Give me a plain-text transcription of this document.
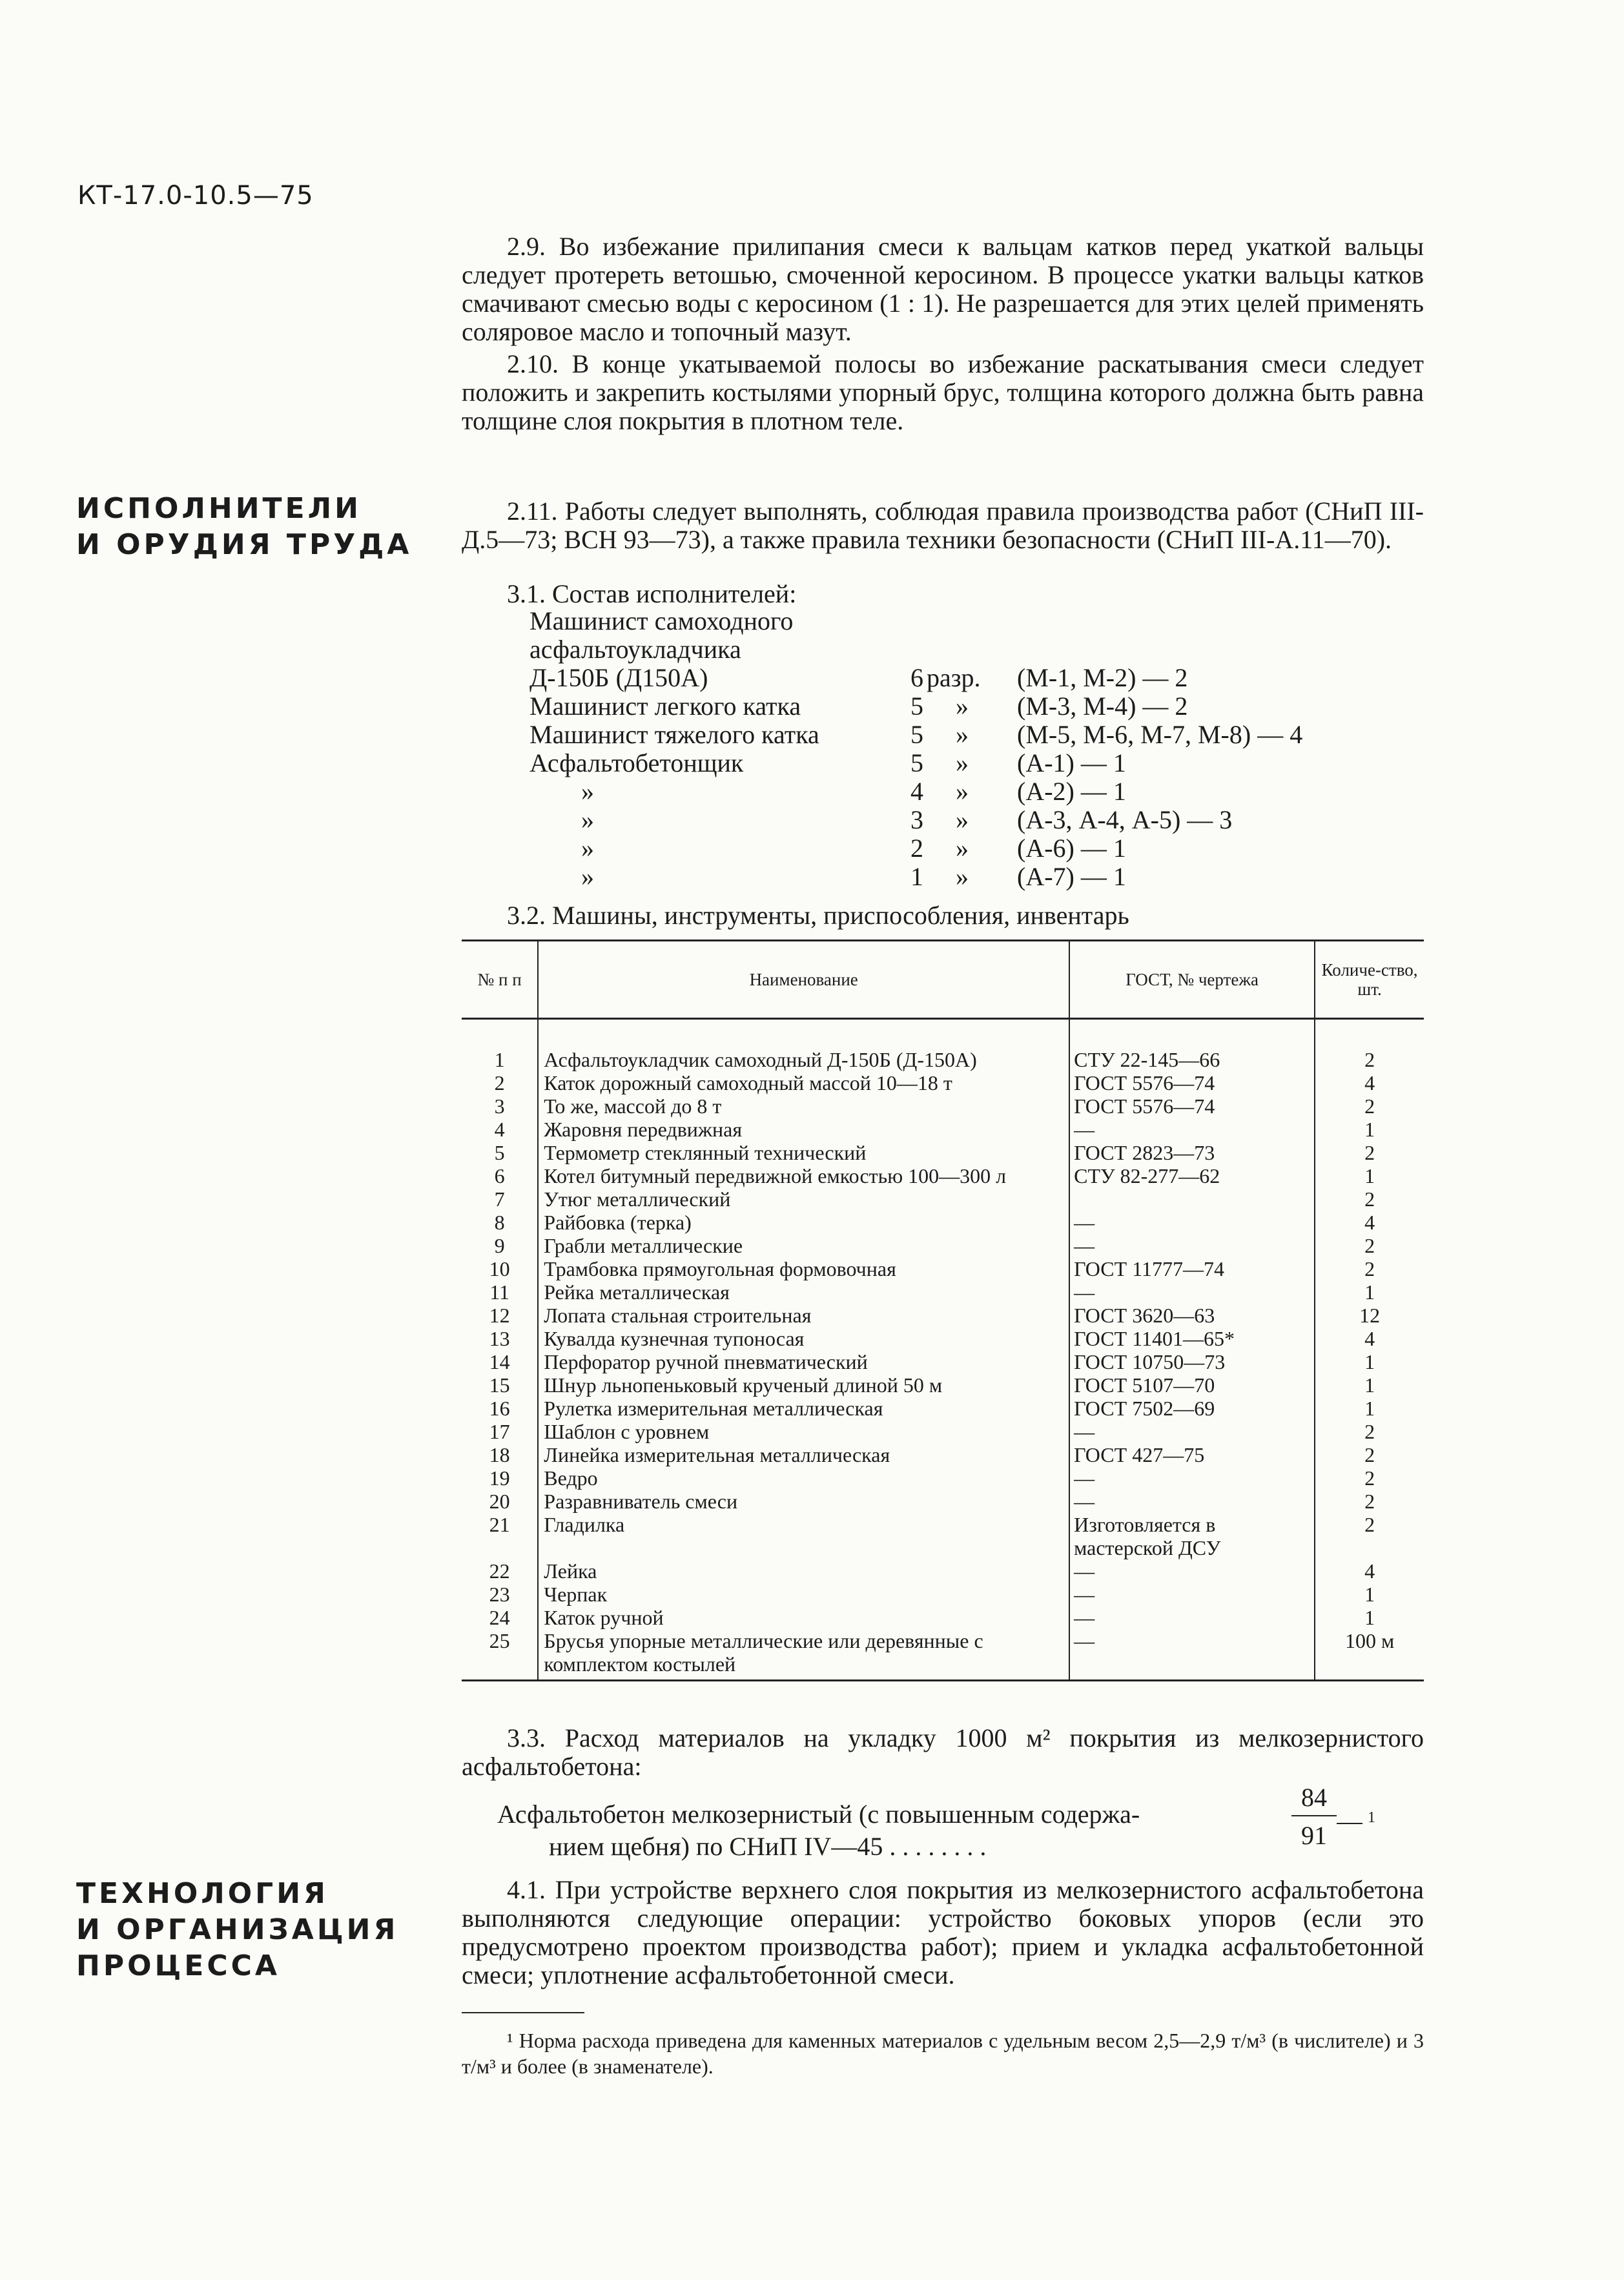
КТ-17.0-10.5—75
ИСПОЛНИТЕЛИ
И ОРУДИЯ ТРУДА
ТЕХНОЛОГИЯ
И ОРГАНИЗАЦИЯ
ПРОЦЕССА

2.9. Во избежание прилипания смеси к вальцам катков перед укаткой вальцы следует протереть ветошью, смоченной керосином. В процессе укатки вальцы катков смачивают смесью воды с керосином (1 : 1). Не разрешается для этих целей применять соляровое масло и топочный мазут.

2.10. В конце укатываемой полосы во избежание раскатывания смеси следует положить и закрепить костылями упорный брус, толщина которого должна быть равна толщине слоя покрытия в плотном теле.

2.11. Работы следует выполнять, соблюдая правила производства работ (СНиП III-Д.5—73; ВСН 93—73), а также правила техники безопасности (СНиП III-А.11—70).

3.1. Состав исполнителей:

Машинист самоходного
асфальтоукладчика
Д-150Б (Д150А)	6 разр. (М-1, М-2) — 2
Машинист легкого катка	5 » (М-3, М-4) — 2
Машинист тяжелого катка	5 » (М-5, М-6, М-7, М-8) — 4
Асфальтобетонщик	5 » (А-1) — 1
»	4 » (А-2) — 1
»	3 » (А-3, А-4, А-5) — 3
»	2 » (А-6) — 1
»	1 » (А-7) — 1

3.2. Машины, инструменты, приспособления, инвентарь

№ п п	Наименование	ГОСТ, № чертежа	Количе-ство, шт.
1	Асфальтоукладчик самоходный Д-150Б (Д-150А)	СТУ 22-145—66	2
2	Каток дорожный самоходный массой 10—18 т	ГОСТ 5576—74	4
3	То же, массой до 8 т	ГОСТ 5576—74	2
4	Жаровня передвижная	—	1
5	Термометр стеклянный технический	ГОСТ 2823—73	2
6	Котел битумный передвижной емкостью 100—300 л	СТУ 82-277—62	1
7	Утюг металлический		2
8	Райбовка (терка)	—	4
9	Грабли металлические	—	2
10	Трамбовка прямоугольная формовочная	ГОСТ 11777—74	2
11	Рейка металлическая	—	1
12	Лопата стальная строительная	ГОСТ 3620—63	12
13	Кувалда кузнечная тупоносая	ГОСТ 11401—65*	4
14	Перфоратор ручной пневматический	ГОСТ 10750—73	1
15	Шнур льнопеньковый крученый длиной 50 м	ГОСТ 5107—70	1
16	Рулетка измерительная металлическая	ГОСТ 7502—69	1
17	Шаблон с уровнем	—	2
18	Линейка измерительная металлическая	ГОСТ 427—75	2
19	Ведро	—	2
20	Разравниватель смеси	—	2
21	Гладилка	Изготовляется в мастерской ДСУ	2
22	Лейка	—	4
23	Черпак	—	1
24	Каток ручной	—	1
25	Брусья упорные металлические или деревянные с комплектом костылей	—	100 м

3.3. Расход материалов на укладку 1000 м² покрытия из мелкозернистого асфальтобетона:

Асфальтобетон мелкозернистый (с повышенным содержа-
нием щебня) по СНиП IV—45 . . . . . . . .	$\frac{84}{91} 1$

4.1. При устройстве верхнего слоя покрытия из мелкозернистого асфальтобетона выполняются следующие операции: устройство боковых упоров (если это предусмотрено проектом производства работ); прием и укладка асфальтобетонной смеси; уплотнение асфальтобетонной смеси.

¹ Норма расхода приведена для каменных материалов с удельным весом 2,5—2,9 т/м³ (в числителе) и 3 т/м³ и более (в знаменателе).
